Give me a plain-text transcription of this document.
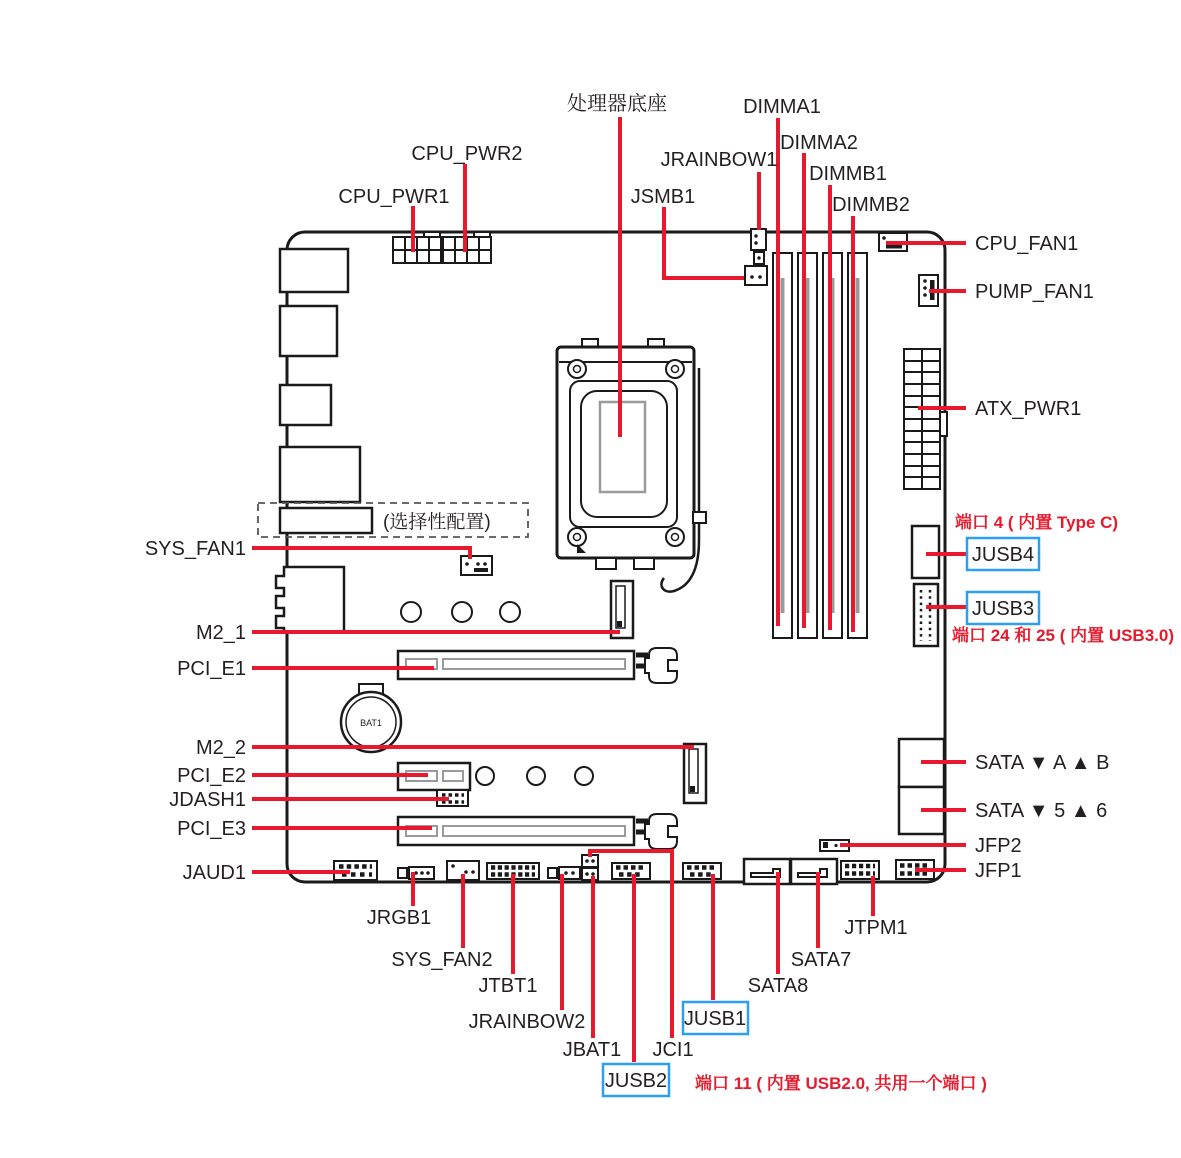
(选择性配置)
BAT1
处理器底座
CPU_PWR2
CPU_PWR1
JRAINBOW1
JSMB1
DIMMA1
DIMMA2
DIMMB1
DIMMB2
CPU_FAN1
PUMP_FAN1
ATX_PWR1
SATA ▼ A ▲ B
SATA ▼ 5 ▲ 6
JFP2
JFP1
SYS_FAN1
M2_1
PCI_E1
M2_2
PCI_E2
JDASH1
PCI_E3
JAUD1
JRGB1
SYS_FAN2
JTBT1
JRAINBOW2
JBAT1 JCI1
SATA8
SATA7
JTPM1
JUSB4
JUSB3
JUSB1
JUSB2
端口 4 ( 内置 Type C)
端口 24 和 25 ( 内置 USB3.0)
端口 11 ( 内置 USB2.0, 共用一个端口 )
